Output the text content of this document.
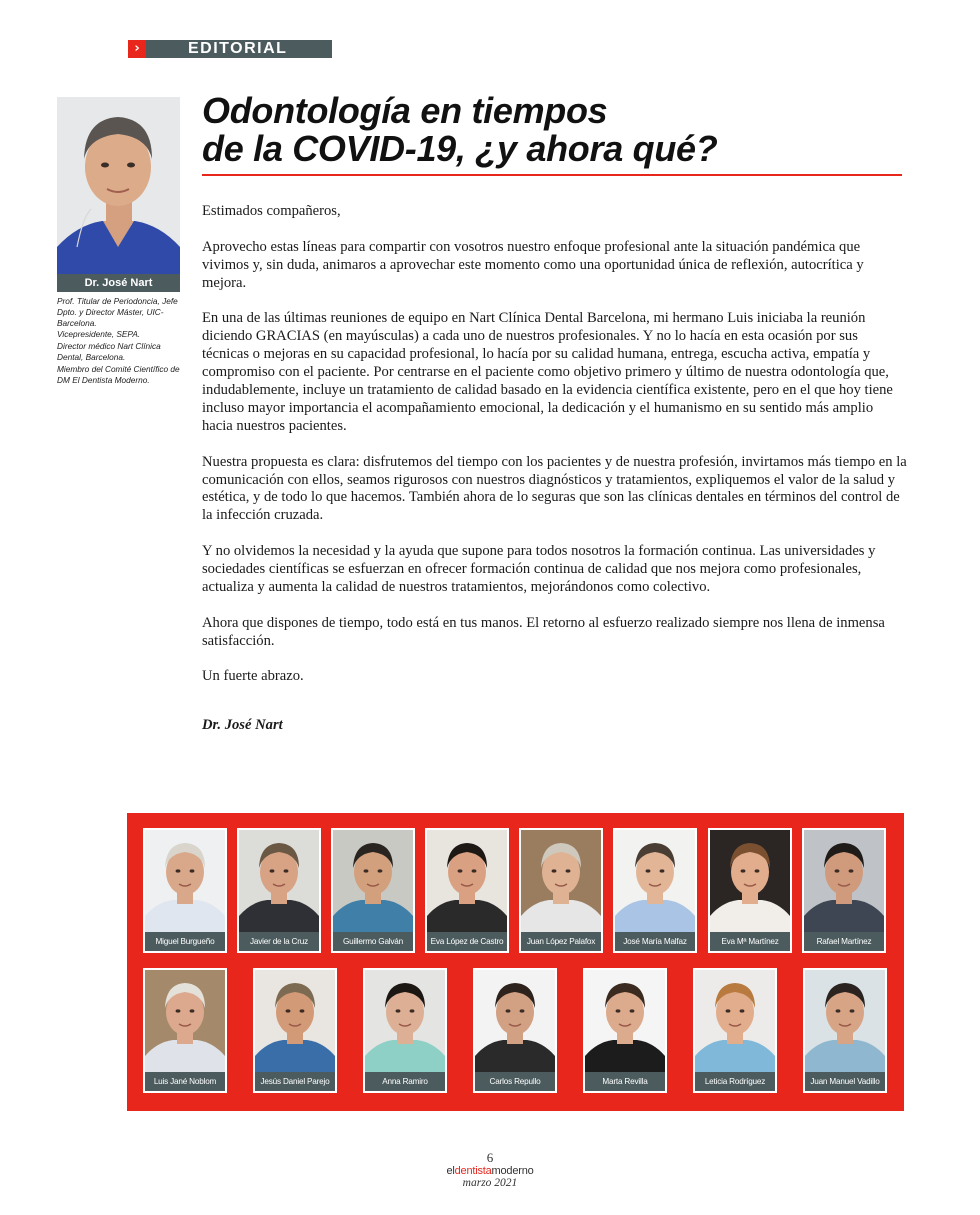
›	EDITORIAL
Dr. José Nart

Prof. Titular de Periodoncia, Jefe Dpto. y Director Máster, UIC-Barcelona.

Vicepresidente, SEPA.

Director médico Nart Clínica Dental, Barcelona.

Miembro del Comité Científico de DM El Dentista Moderno.

Odontología en tiempos
de la COVID-19, ¿y ahora qué?

Estimados compañeros,

Aprovecho estas líneas para compartir con vosotros nuestro enfoque profesional ante la situación pandémica que vivimos y, sin duda, animaros a aprovechar este momento como una oportunidad única de reflexión, autocrítica y mejora.

En una de las últimas reuniones de equipo en Nart Clínica Dental Barcelona, mi hermano Luis iniciaba la reunión diciendo GRACIAS (en mayúsculas) a cada uno de nuestros profesionales. Y no lo hacía en esta ocasión por sus técnicas o mejoras en su capacidad profesional, lo hacía por su calidad humana, entrega, escucha activa, empatía y compromiso con el paciente. Por centrarse en el paciente como objetivo primero y último de nuestra odontología que, indudablemente, incluye un tratamiento de calidad basado en la evidencia científica existente, pero en el que hoy tiene incluso mayor importancia el acompañamiento emocional, la dedicación y el humanismo en su sentido más amplio hacia nuestros pacientes.

Nuestra propuesta es clara: disfrutemos del tiempo con los pacientes y de nuestra profesión, invirtamos más tiempo en la comunicación con ellos, seamos rigurosos con nuestros diagnósticos y tratamientos, expliquemos el valor de la salud y estética, y de todo lo que hacemos. También ahora de lo seguras que son las clínicas dentales en términos del control de la infección cruzada.

Y no olvidemos la necesidad y la ayuda que supone para todos nosotros la formación continua. Las universidades y sociedades científicas se esfuerzan en ofrecer formación continua de calidad que nos mejora como profesionales, actualiza y aumenta la calidad de nuestros tratamientos, mejorándonos como colectivo.

Ahora que dispones de tiempo, todo está en tus manos. El retorno al esfuerzo realizado siempre nos llena de inmensa satisfacción.

Un fuerte abrazo.

Dr. José Nart
Miguel Burgueño	Javier de la Cruz	Guillermo Galván	Eva López de Castro	Juan López Palafox	José María Malfaz	Eva Mª Martínez	Rafael Martínez
Luis Jané Noblom	Jesús Daniel Parejo	Anna Ramiro	Carlos Repullo	Marta Revilla	Leticia Rodríguez	Juan Manuel Vadillo
6
eldentistamoderno
marzo 2021
